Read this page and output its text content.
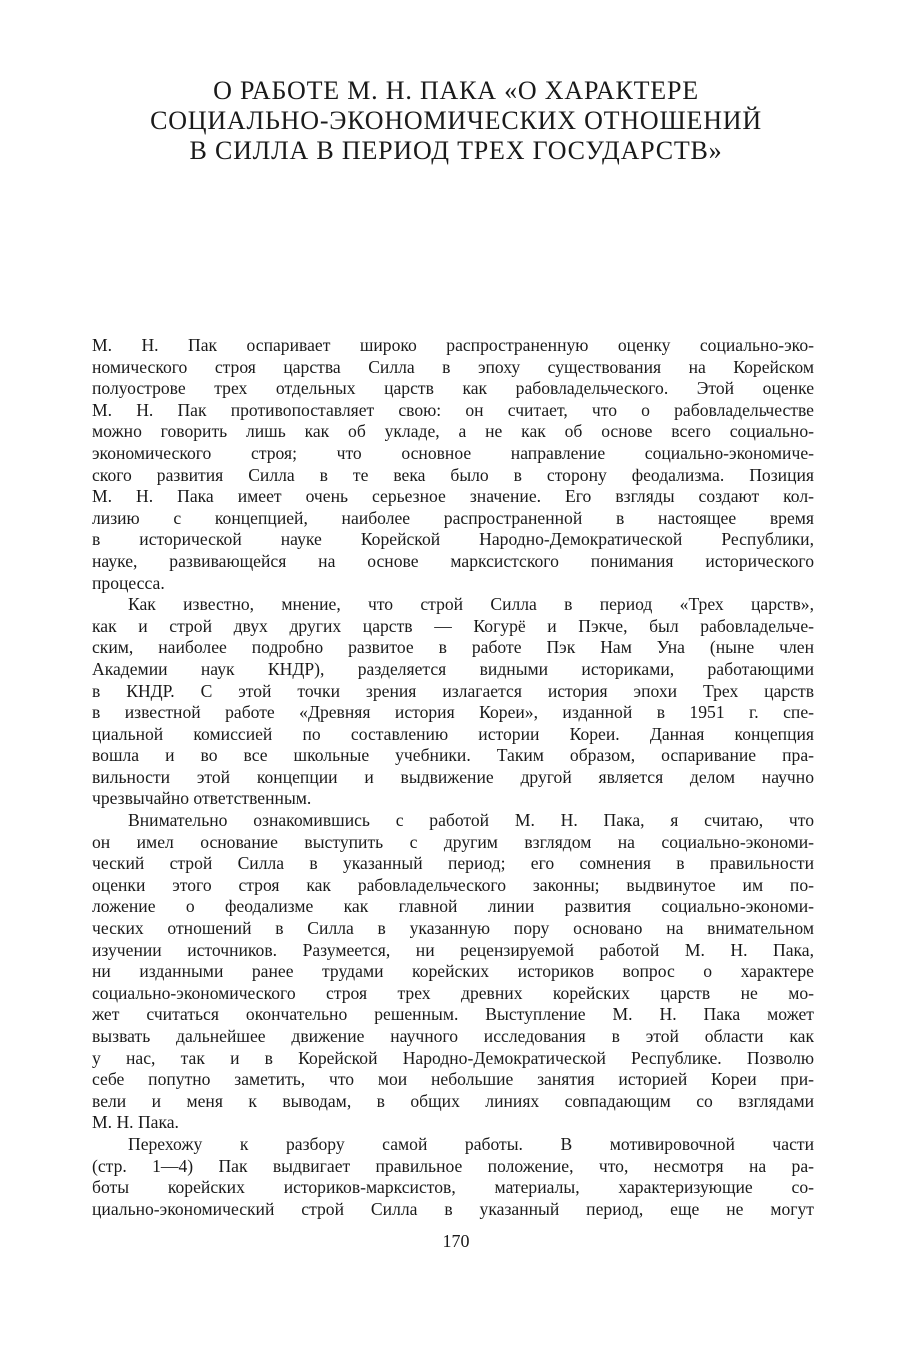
О РАБОТЕ М. Н. ПАКА «О ХАРАКТЕРЕ
СОЦИАЛЬНО-ЭКОНОМИЧЕСКИХ ОТНОШЕНИЙ
В СИЛЛА В ПЕРИОД ТРЕХ ГОСУДАРСТВ»
М. Н. Пак оспаривает широко распространенную оценку социально-эко-
номического строя царства Силла в эпоху существования на Корейском
полуострове трех отдельных царств как рабовладельческого. Этой оценке
М. Н. Пак противопоставляет свою: он считает, что о рабовладельчестве
можно говорить лишь как об укладе, а не как об основе всего социально-
экономического строя; что основное направление социально-экономиче-
ского развития Силла в те века было в сторону феодализма. Позиция
М. Н. Пака имеет очень серьезное значение. Его взгляды создают кол-
лизию с концепцией, наиболее распространенной в настоящее время
в исторической науке Корейской Народно-Демократической Республики,
науке, развивающейся на основе марксистского понимания исторического
процесса.
Как известно, мнение, что строй Силла в период «Трех царств»,
как и строй двух других царств — Когурё и Пэкче, был рабовладельче-
ским, наиболее подробно развитое в работе Пэк Нам Уна (ныне член
Академии наук КНДР), разделяется видными историками, работающими
в КНДР. С этой точки зрения излагается история эпохи Трех царств
в известной работе «Древняя история Кореи», изданной в 1951 г. спе-
циальной комиссией по составлению истории Кореи. Данная концепция
вошла и во все школьные учебники. Таким образом, оспаривание пра-
вильности этой концепции и выдвижение другой является делом научно
чрезвычайно ответственным.
Внимательно ознакомившись с работой М. Н. Пака, я считаю, что
он имел основание выступить с другим взглядом на социально-экономи-
ческий строй Силла в указанный период; его сомнения в правильности
оценки этого строя как рабовладельческого законны; выдвинутое им по-
ложение о феодализме как главной линии развития социально-экономи-
ческих отношений в Силла в указанную пору основано на внимательном
изучении источников. Разумеется, ни рецензируемой работой М. Н. Пака,
ни изданными ранее трудами корейских историков вопрос о характере
социально-экономического строя трех древних корейских царств не мо-
жет считаться окончательно решенным. Выступление М. Н. Пака может
вызвать дальнейшее движение научного исследования в этой области как
у нас, так и в Корейской Народно-Демократической Республике. Позволю
себе попутно заметить, что мои небольшие занятия историей Кореи при-
вели и меня к выводам, в общих линиях совпадающим со взглядами
М. Н. Пака.
Перехожу к разбору самой работы. В мотивировочной части
(стр. 1—4) Пак выдвигает правильное положение, что, несмотря на ра-
боты корейских историков-марксистов, материалы, характеризующие со-
циально-экономический строй Силла в указанный период, еще не могут
170
